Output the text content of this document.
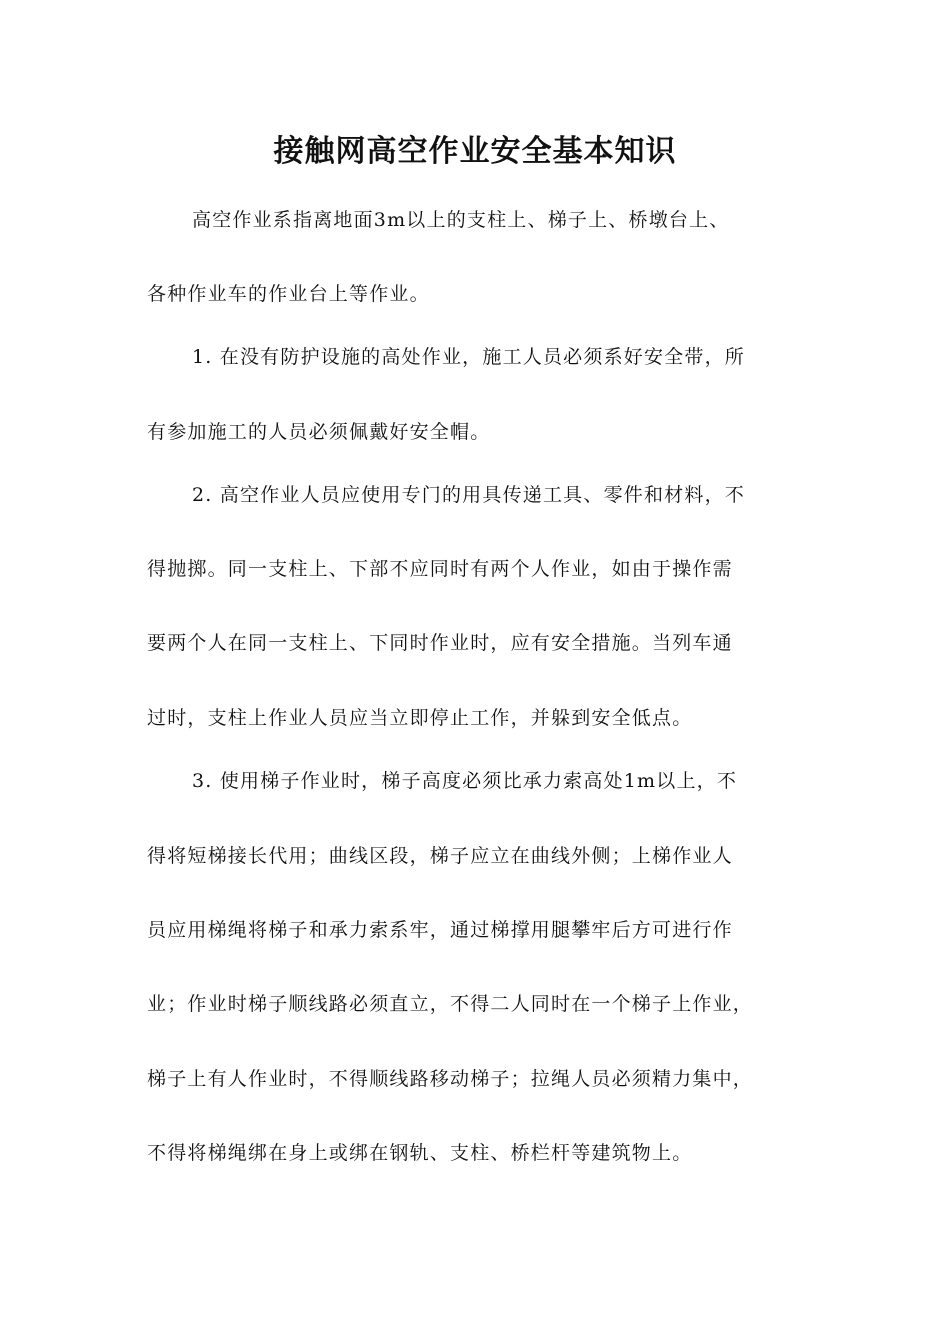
接触网高空作业安全基本知识
高空作业系指离地面3m以上的支柱上、梯子上、桥墩台上、
各种作业车的作业台上等作业。
1. 在没有防护设施的高处作业，施工人员必须系好安全带，所
有参加施工的人员必须佩戴好安全帽。
2. 高空作业人员应使用专门的用具传递工具、零件和材料，不
得抛掷。同一支柱上、下部不应同时有两个人作业，如由于操作需
要两个人在同一支柱上、下同时作业时，应有安全措施。当列车通
过时，支柱上作业人员应当立即停止工作，并躲到安全低点。
3. 使用梯子作业时，梯子高度必须比承力索高处1m以上，不
得将短梯接长代用；曲线区段，梯子应立在曲线外侧；上梯作业人
员应用梯绳将梯子和承力索系牢，通过梯撑用腿攀牢后方可进行作
业；作业时梯子顺线路必须直立，不得二人同时在一个梯子上作业，
梯子上有人作业时，不得顺线路移动梯子；拉绳人员必须精力集中，
不得将梯绳绑在身上或绑在钢轨、支柱、桥栏杆等建筑物上。
